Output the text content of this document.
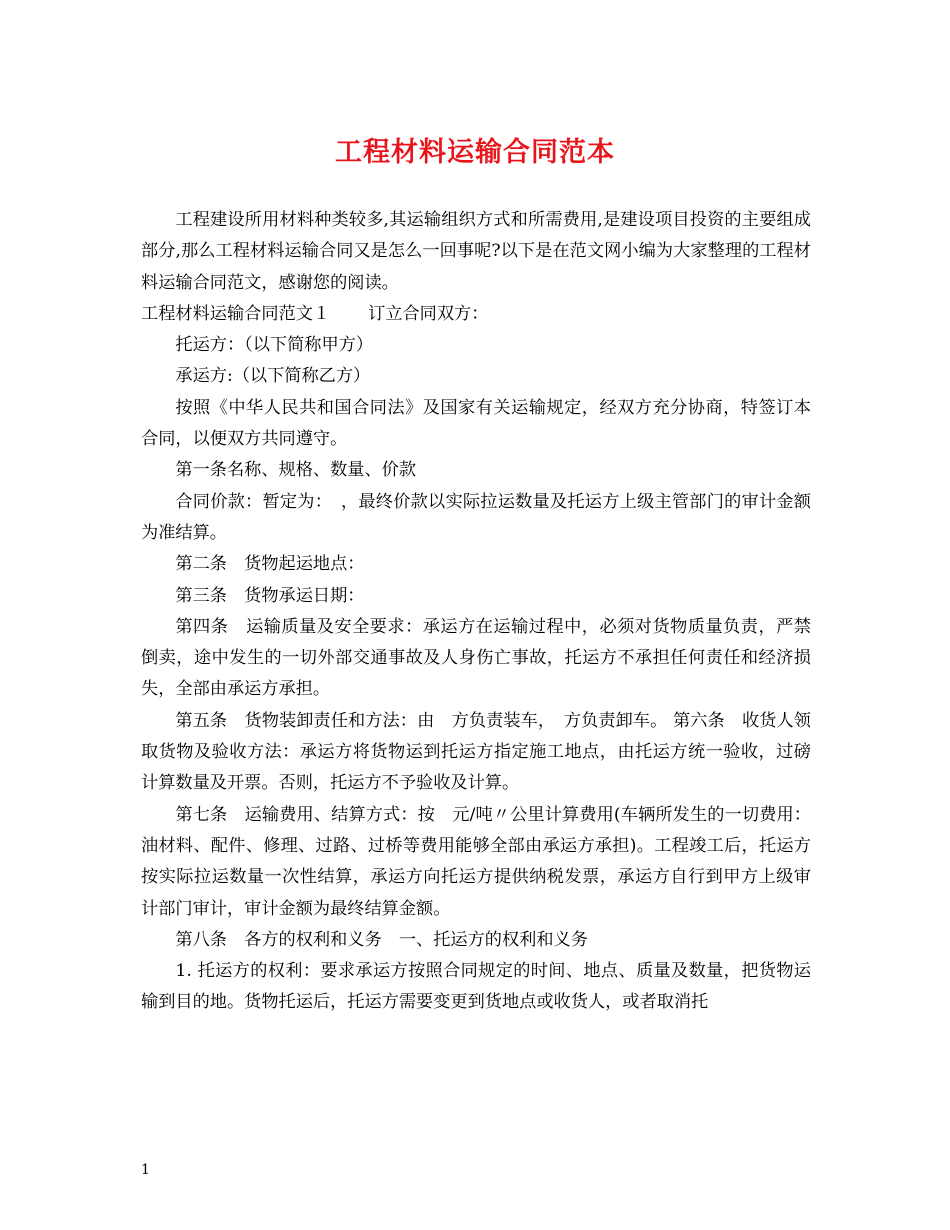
工程材料运输合同范本

工程建设所用材料种类较多,其运输组织方式和所需费用,是建设项目投资的主要组成部分,那么工程材料运输合同又是怎么一回事呢?以下是在范文网小编为大家整理的工程材料运输合同范文，感谢您的阅读。

工程材料运输合同范文１ 订立合同双方：

托运方：（以下简称甲方）

承运方:（以下简称乙方）

按照《中华人民共和国合同法》及国家有关运输规定，经双方充分协商，特签订本合同，以便双方共同遵守。

第一条名称、规格、数量、价款

合同价款：暂定为：　，最终价款以实际拉运数量及托运方上级主管部门的审计金额为准结算。

第二条　货物起运地点：

第三条　货物承运日期：

第四条　运输质量及安全要求：承运方在运输过程中，必须对货物质量负责，严禁倒卖，途中发生的一切外部交通事故及人身伤亡事故，托运方不承担任何责任和经济损失，全部由承运方承担。

第五条　货物装卸责任和方法：由　方负责装车，　方负责卸车。 第六条　收货人领取货物及验收方法：承运方将货物运到托运方指定施工地点，由托运方统一验收，过磅计算数量及开票。否则，托运方不予验收及计算。

第七条　运输费用、结算方式：按　元/吨〃公里计算费用(车辆所发生的一切费用：油材料、配件、修理、过路、过桥等费用能够全部由承运方承担)。工程竣工后，托运方按实际拉运数量一次性结算，承运方向托运方提供纳税发票，承运方自行到甲方上级审计部门审计，审计金额为最终结算金额。

第八条　各方的权利和义务　一、托运方的权利和义务

1. 托运方的权利：要求承运方按照合同规定的时间、地点、质量及数量，把货物运输到目的地。货物托运后，托运方需要变更到货地点或收货人，或者取消托

1
